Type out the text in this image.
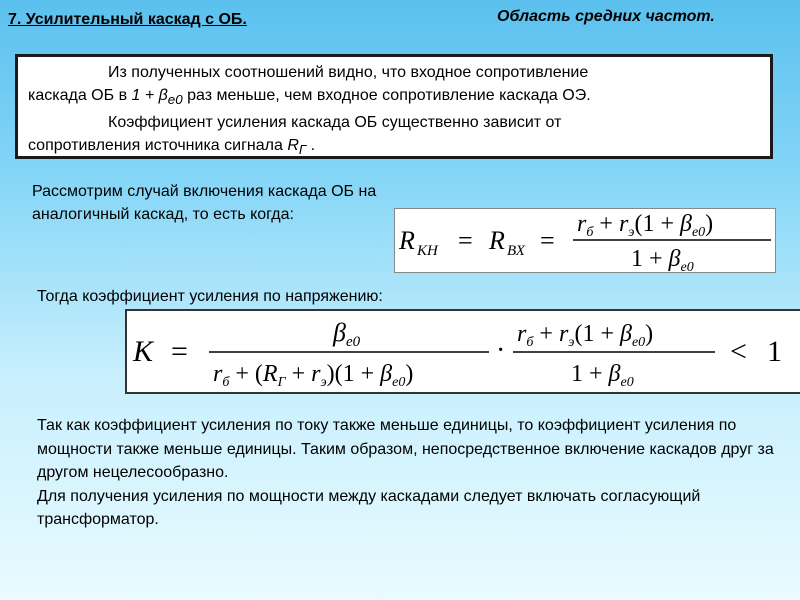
7. Усилительный каскад с ОБ.	Область средних частот.

Из полученных соотношений видно, что входное сопротивление

каскада ОБ в $1 + \beta_{e0}$ раз меньше, чем входное сопротивление каскада ОЭ.

Коэффициент усиления каскада ОБ существенно зависит от

сопротивления источника сигнала $R_Г$ .

Рассмотрим случай включения каскада ОБ на аналогичный каскад, то есть когда:
R КН = R ВХ =
$r_б + r_э(1 + \beta_{e0})$
$1 + \beta_{e0}$
Тогда коэффициент усиления по напряжению:
K =
βe0
$r_б + (R_Г + r_э)(1 + \beta_{e0})$
·
$r_б + r_э(1 + \beta_{e0})$
$1 + \beta_{e0}$
< 1

Так как коэффициент усиления по току также меньше единицы, то коэффициент усиления по мощности также меньше единицы. Таким образом, непосредственное включение каскадов друг за другом нецелесообразно.

Для получения усиления по мощности между каскадами следует включать согласующий трансформатор.
